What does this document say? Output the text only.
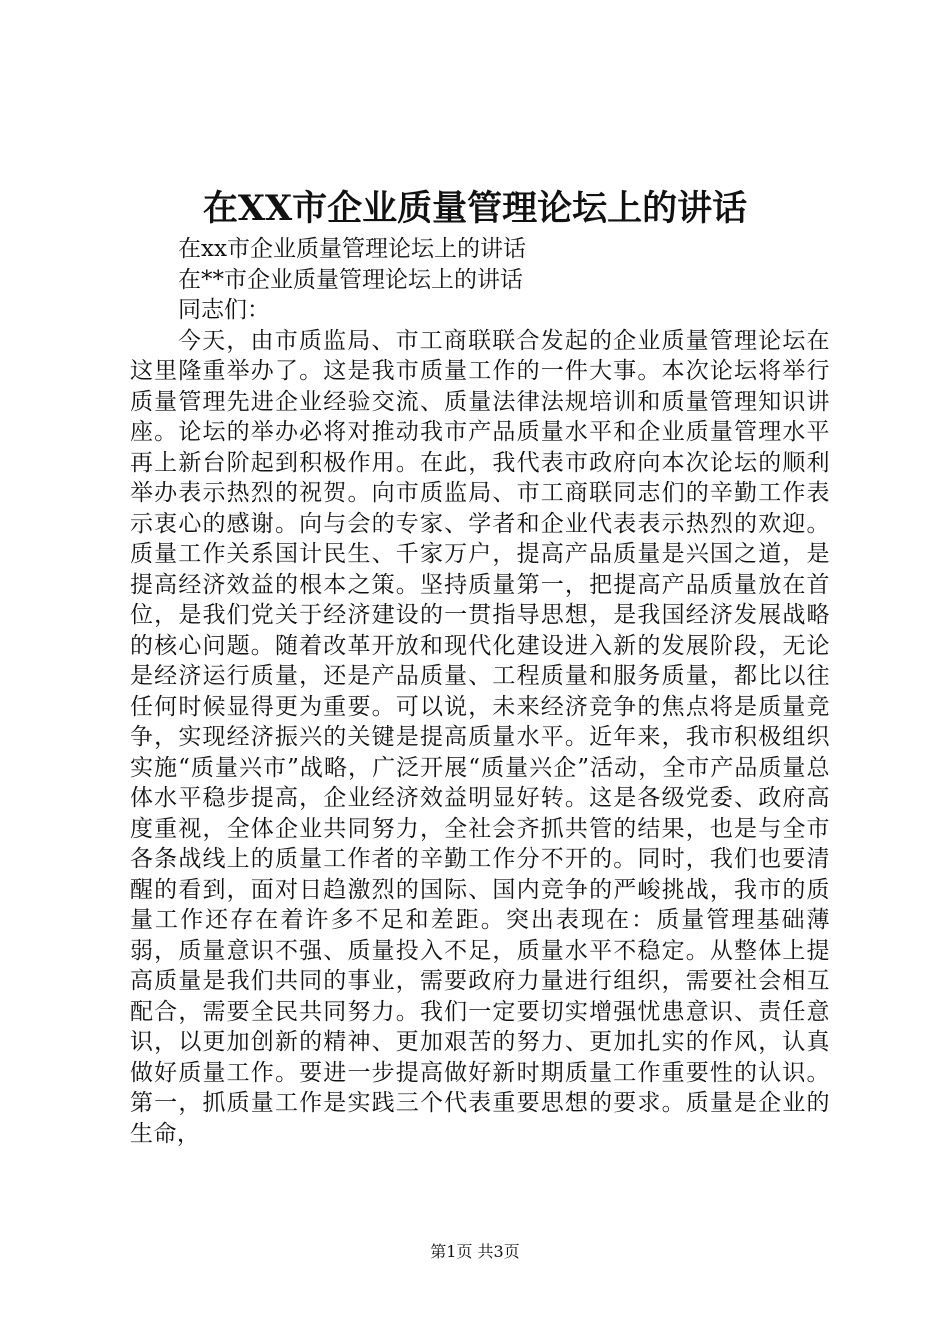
在XX市企业质量管理论坛上的讲话
在xx市企业质量管理论坛上的讲话
在**市企业质量管理论坛上的讲话
同志们：

今天，由市质监局、市工商联联合发起的企业质量管理论坛在这里隆重举办了。这是我市质量工作的一件大事。本次论坛将举行质量管理先进企业经验交流、质量法律法规培训和质量管理知识讲座。论坛的举办必将对推动我市产品质量水平和企业质量管理水平再上新台阶起到积极作用。在此，我代表市政府向本次论坛的顺利举办表示热烈的祝贺。向市质监局、市工商联同志们的辛勤工作表示衷心的感谢。向与会的专家、学者和企业代表表示热烈的欢迎。质量工作关系国计民生、千家万户，提高产品质量是兴国之道，是提高经济效益的根本之策。坚持质量第一，把提高产品质量放在首位，是我们党关于经济建设的一贯指导思想，是我国经济发展战略的核心问题。随着改革开放和现代化建设进入新的发展阶段，无论是经济运行质量，还是产品质量、工程质量和服务质量，都比以往任何时候显得更为重要。可以说，未来经济竞争的焦点将是质量竞争，实现经济振兴的关键是提高质量水平。近年来，我市积极组织实施“质量兴市”战略，广泛开展“质量兴企”活动，全市产品质量总体水平稳步提高，企业经济效益明显好转。这是各级党委、政府高度重视，全体企业共同努力，全社会齐抓共管的结果，也是与全市各条战线上的质量工作者的辛勤工作分不开的。同时，我们也要清醒的看到，面对日趋激烈的国际、国内竞争的严峻挑战，我市的质量工作还存在着许多不足和差距。突出表现在：质量管理基础薄弱，质量意识不强、质量投入不足，质量水平不稳定。从整体上提高质量是我们共同的事业，需要政府力量进行组织，需要社会相互配合，需要全民共同努力。我们一定要切实增强忧患意识、责任意识，以更加创新的精神、更加艰苦的努力、更加扎实的作风，认真做好质量工作。要进一步提高做好新时期质量工作重要性的认识。第一，抓质量工作是实践三个代表重要思想的要求。质量是企业的生命，

第1页 共3页
